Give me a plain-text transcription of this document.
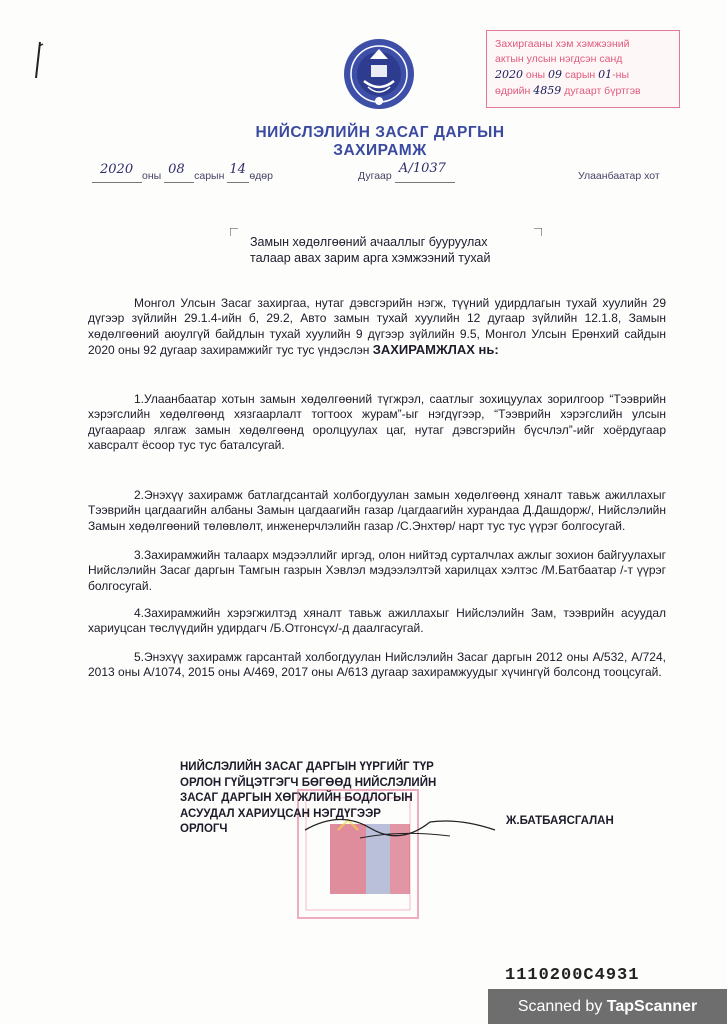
Захиргааны хэм хэмжээний
актын улсын нэгдсэн санд
2020 оны 09 сарын 01-ны
өдрийн 4859 дугаарт бүртгэв
НИЙСЛЭЛИЙН ЗАСАГ ДАРГЫН
ЗАХИРАМЖ
2020 оны 08 сарын 14 өдөр	Дугаар А/1037
	Улаанбаатар хот
Замын хөдөлгөөний ачааллыг бууруулах
талаар авах зарим арга хэмжээний тухай

Монгол Улсын Засаг захиргаа, нутаг дэвсгэрийн нэгж, түүний удирдлагын тухай хуулийн 29 дүгээр зүйлийн 29.1.4-ийн б, 29.2, Авто замын тухай хуулийн 12 дугаар зүйлийн 12.1.8, Замын хөдөлгөөний аюулгүй байдлын тухай хуулийн 9 дүгээр зүйлийн 9.5, Монгол Улсын Ерөнхий сайдын 2020 оны 92 дугаар захирамжийг тус тус үндэслэн ЗАХИРАМЖЛАХ нь:

1.Улаанбаатар хотын замын хөдөлгөөний түгжрэл, саатлыг зохицуулах зорилгоор “Тээврийн хэрэгслийн хөдөлгөөнд хязгаарлалт тогтоох журам”-ыг нэгдүгээр, “Тээврийн хэрэгслийн улсын дугаараар ялгаж замын хөдөлгөөнд оролцуулах цаг, нутаг дэвсгэрийн бүсчлэл”-ийг хоёрдугаар хавсралт ёсоор тус тус баталсугай.

2.Энэхүү захирамж батлагдсантай холбогдуулан замын хөдөлгөөнд хяналт тавьж ажиллахыг Тээврийн цагдаагийн албаны Замын цагдаагийн газар /цагдаагийн хурандаа Д.Дашдорж/, Нийслэлийн Замын хөдөлгөөний төлөвлөлт, инженерчлэлийн газар /С.Энхтөр/ нарт тус тус үүрэг болгосугай.

3.Захирамжийн талаарх мэдээллийг иргэд, олон нийтэд сурталчлах ажлыг зохион байгуулахыг Нийслэлийн Засаг даргын Тамгын газрын Хэвлэл мэдээлэлтэй харилцах хэлтэс /М.Батбаатар /-т үүрэг болгосугай.

4.Захирамжийн хэрэгжилтэд хяналт тавьж ажиллахыг Нийслэлийн Зам, тээврийн асуудал хариуцсан төслүүдийн удирдагч /Б.Отгонсүх/-д даалгасугай.

5.Энэхүү захирамж гарсантай холбогдуулан Нийслэлийн Засаг даргын 2012 оны А/532, А/724, 2013 оны А/1074, 2015 оны А/469, 2017 оны А/613 дугаар захирамжуудыг хүчингүй болсонд тооцсугай.

НИЙСЛЭЛИЙН ЗАСАГ ДАРГЫН ҮҮРГИЙГ ТҮР
ОРЛОН ГҮЙЦЭТГЭГЧ БӨГӨӨД НИЙСЛЭЛИЙН
ЗАСАГ ДАРГЫН ХӨГЖЛИЙН БОДЛОГЫН
АСУУДАЛ ХАРИУЦСАН НЭГДҮГЭЭР
ОРЛОГЧ
Ж.БАТБАЯСГАЛАН
1110200С4931
Scanned by TapScanner
